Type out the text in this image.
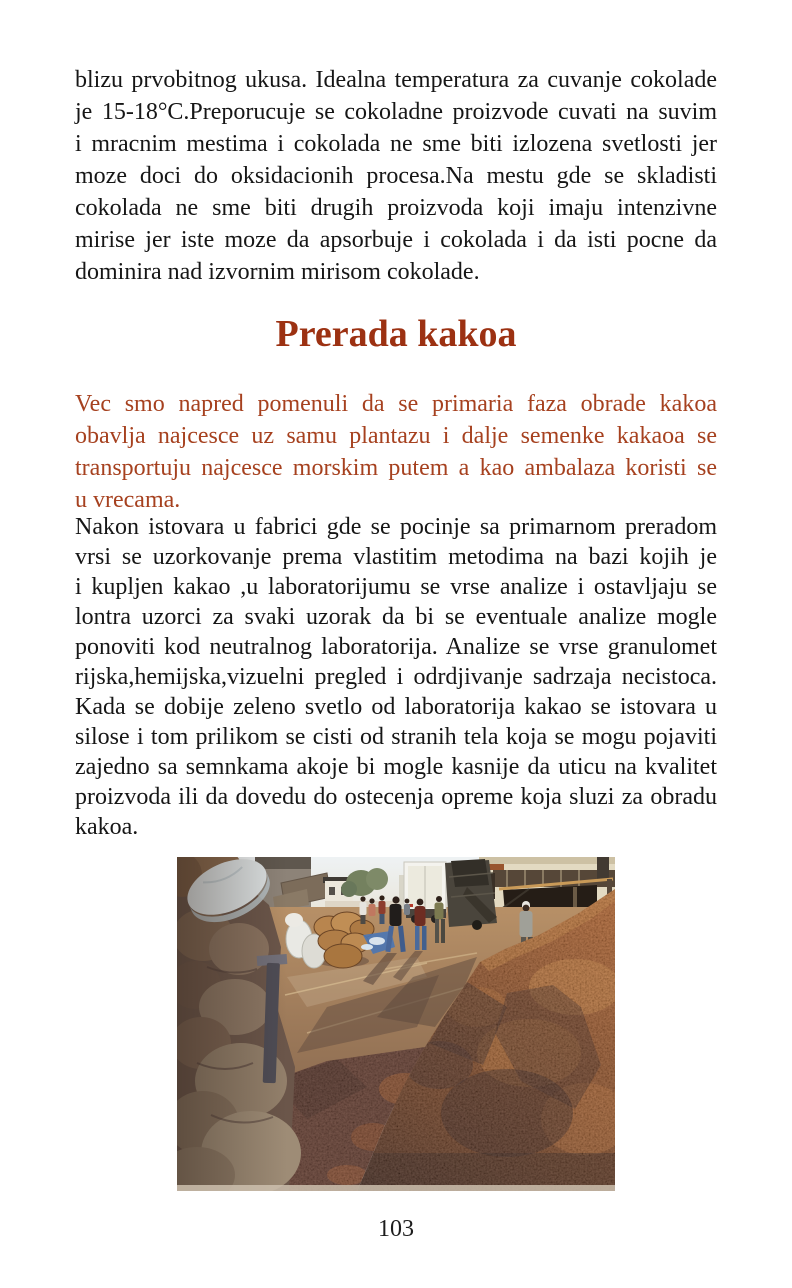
blizu prvobitnog ukusa. Idealna temperatura za cuvanje cokolade
je 15-18°C.Preporucuje se cokoladne proizvode cuvati na suvim
i mracnim mestima i cokolada ne sme biti izlozena svetlosti jer
moze doci do oksidacionih procesa.Na mestu gde se skladisti
cokolada ne sme biti drugih proizvoda koji imaju intenzivne
mirise jer iste moze da apsorbuje i cokolada i da isti pocne da
dominira nad izvornim mirisom cokolade.
Prerada kakoa
Vec smo napred pomenuli da se primaria faza obrade kakoa
obavlja najcesce uz samu plantazu i dalje semenke kakaoa se
transportuju najcesce morskim putem a kao ambalaza koristi se
u vrecama.
Nakon istovara u fabrici gde se pocinje sa primarnom preradom
vrsi se uzorkovanje prema vlastitim metodima na bazi kojih je
i kupljen kakao ,u laboratorijumu se vrse analize i ostavljaju se
lontra uzorci za svaki uzorak da bi se eventuale analize mogle
ponoviti kod neutralnog laboratorija. Analize se vrse granulomet
rijska,hemijska,vizuelni pregled i odrdjivanje sadrzaja necistoca.
Kada se dobije zeleno svetlo od laboratorija kakao se istovara u
silose i tom prilikom se cisti od stranih tela koja se mogu pojaviti
zajedno sa semnkama akoje bi mogle kasnije da uticu na kvalitet
proizvoda ili da dovedu do ostecenja opreme koja sluzi za obradu
kakoa.
103
